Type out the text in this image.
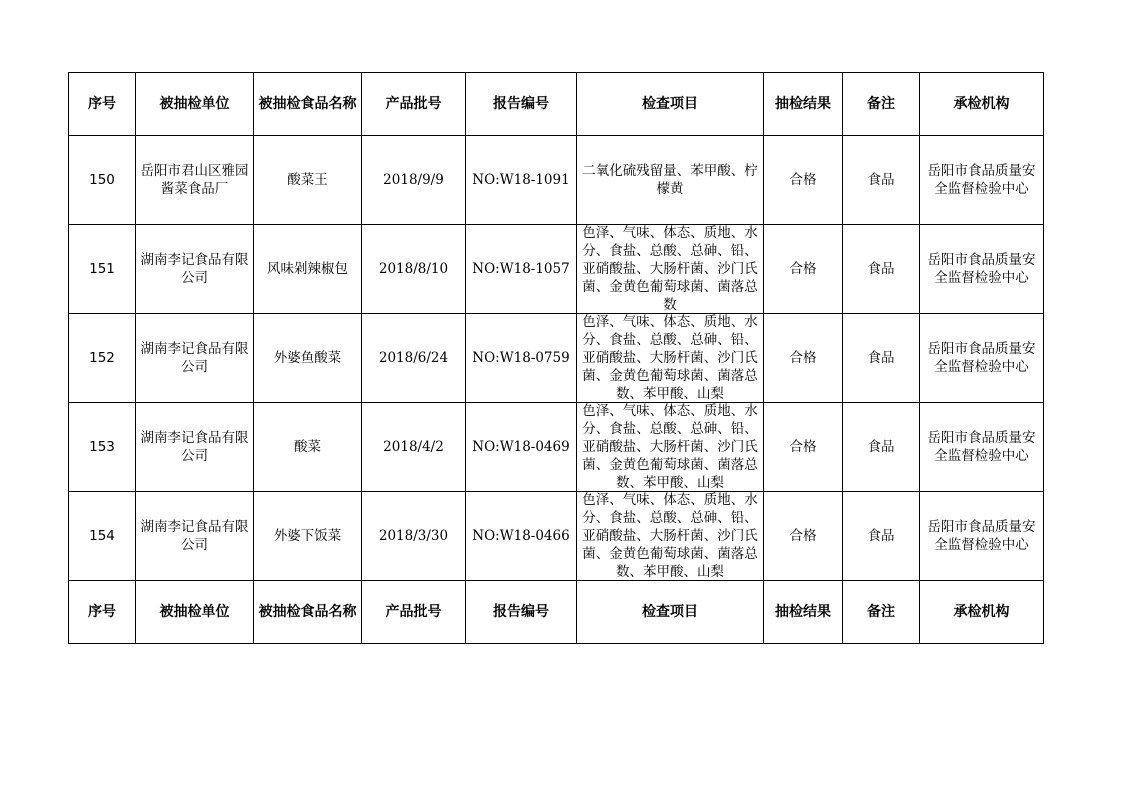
序号	被抽检单位	被抽检食品名称	产品批号	报告编号	检查项目	抽检结果	备注	承检机构
150	岳阳市君山区雅园酱菜食品厂	酸菜王	2018/9/9	NO:W18-1091	二氧化硫残留量、苯甲酸、柠檬黄	合格	食品	岳阳市食品质量安全监督检验中心
151	湖南李记食品有限公司	风味剁辣椒包	2018/8/10	NO:W18-1057	色泽、气味、体态、质地、水分、食盐、总酸、总砷、铅、亚硝酸盐、大肠杆菌、沙门氏菌、金黄色葡萄球菌、菌落总数	合格	食品	岳阳市食品质量安全监督检验中心
152	湖南李记食品有限公司	外婆鱼酸菜	2018/6/24	NO:W18-0759	色泽、气味、体态、质地、水分、食盐、总酸、总砷、铅、亚硝酸盐、大肠杆菌、沙门氏菌、金黄色葡萄球菌、菌落总数、苯甲酸、山梨	合格	食品	岳阳市食品质量安全监督检验中心
153	湖南李记食品有限公司	酸菜	2018/4/2	NO:W18-0469	色泽、气味、体态、质地、水分、食盐、总酸、总砷、铅、亚硝酸盐、大肠杆菌、沙门氏菌、金黄色葡萄球菌、菌落总数、苯甲酸、山梨	合格	食品	岳阳市食品质量安全监督检验中心
154	湖南李记食品有限公司	外婆下饭菜	2018/3/30	NO:W18-0466	色泽、气味、体态、质地、水分、食盐、总酸、总砷、铅、亚硝酸盐、大肠杆菌、沙门氏菌、金黄色葡萄球菌、菌落总数、苯甲酸、山梨	合格	食品	岳阳市食品质量安全监督检验中心
序号	被抽检单位	被抽检食品名称	产品批号	报告编号	检查项目	抽检结果	备注	承检机构
